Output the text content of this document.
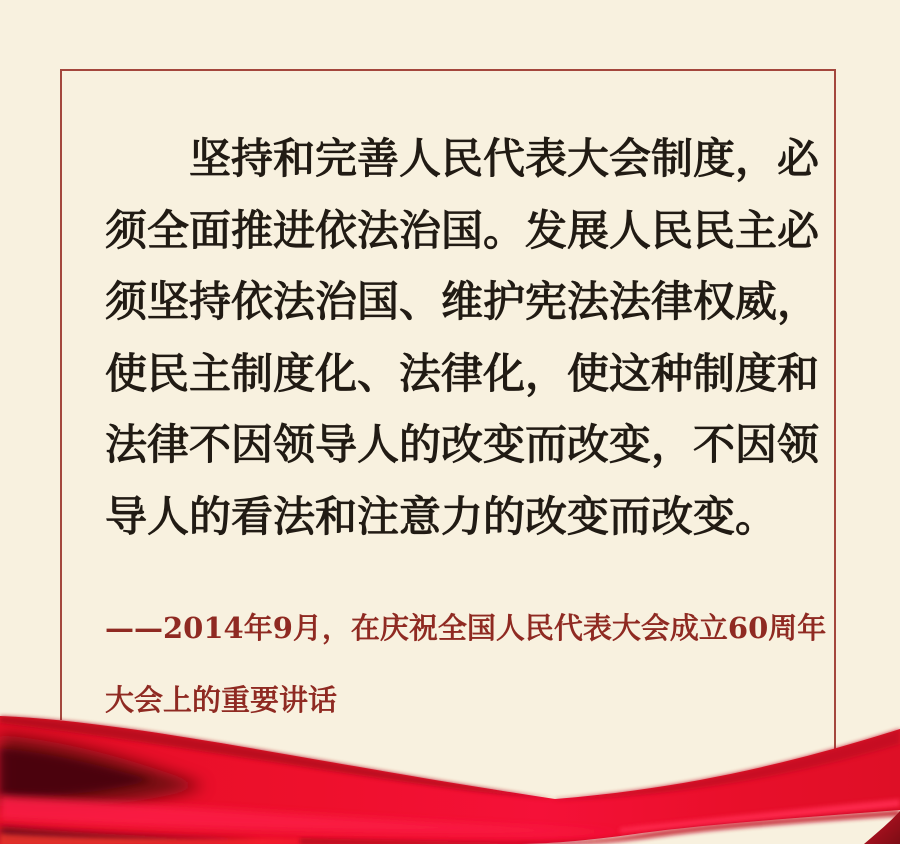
坚持和完善人民代表大会制度，必
须全面推进依法治国。发展人民民主必
须坚持依法治国、维护宪法法律权威，
使民主制度化、法律化，使这种制度和
法律不因领导人的改变而改变，不因领
导人的看法和注意力的改变而改变。
——2014年9月，在庆祝全国人民代表大会成立60周年
大会上的重要讲话
